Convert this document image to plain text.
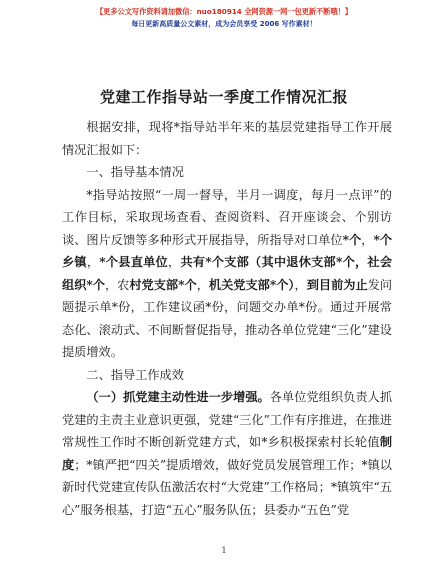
【更多公文写作资料请加微信：nuo180914 全网资源一网一包更新不断哦！】
每日更新高质量公文素材，成为会员享受 2006 写作素材！
党建工作指导站一季度工作情况汇报

根据安排，现将*指导站半年来的基层党建指导工作开展情况汇报如下：

一、指导基本情况

*指导站按照“一周一督导，半月一调度，每月一点评”的工作目标，采取现场查看、查阅资料、召开座谈会、个别访谈、图片反馈等多种形式开展指导，所指导对口单位*个，*个乡镇，*个县直单位，共有*个支部（其中退休支部*个，社会组织*个，农村党支部*个，机关党支部*个），到目前为止发问题提示单*份，工作建议函*份，问题交办单*份。通过开展常态化、滚动式、不间断督促指导，推动各单位党建“三化”建设提质增效。

二、指导工作成效

（一）抓党建主动性进一步增强。各单位党组织负责人抓党建的主责主业意识更强，党建“三化”工作有序推进，在推进常规性工作时不断创新党建方式，如*乡积极探索村长轮值制度；*镇严把“四关”提质增效，做好党员发展管理工作；*镇以新时代党建宣传队伍激活农村“大党建”工作格局；*镇筑牢“五心”服务根基，打造“五心”服务队伍；县委办“五色”党

1
